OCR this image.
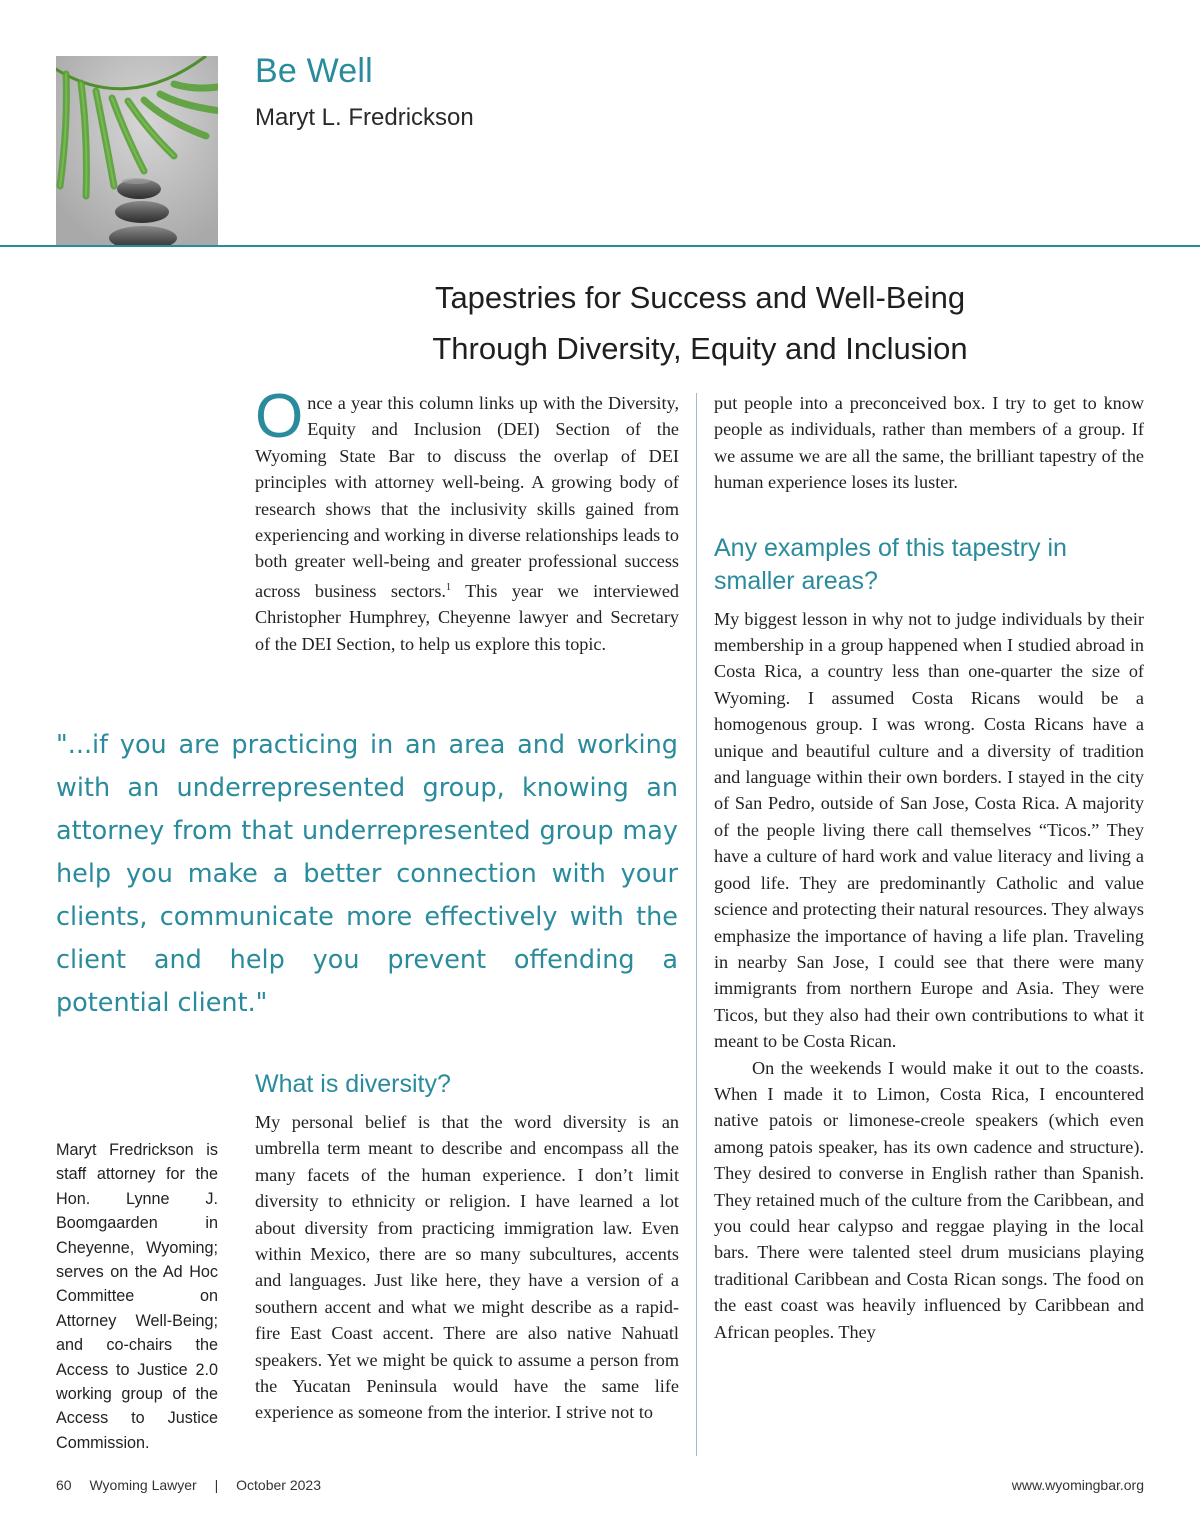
Be Well
Maryt L. Fredrickson
Tapestries for Success and Well-Being
Through Diversity, Equity and Inclusion

Once a year this column links up with the Diversity, Equity and Inclusion (DEI) Section of the Wyoming State Bar to discuss the overlap of DEI principles with attorney well-being. A growing body of research shows that the inclusivity skills gained from experiencing and working in diverse relationships leads to both greater well-being and greater professional success across business sectors.$^1$ This year we interviewed Christopher Humphrey, Cheyenne lawyer and Secretary of the DEI Section, to help us explore this topic.

"...if you are practicing in an area and working with an underrepresented group, knowing an attorney from that underrepresented group may help you make a better connection with your clients, communicate more effectively with the client and help you prevent offending a potential client."

What is diversity?

My personal belief is that the word diversity is an umbrella term meant to describe and encompass all the many facets of the human experience. I don’t limit diversity to ethnicity or religion. I have learned a lot about diversity from practicing immigration law. Even within Mexico, there are so many subcultures, accents and languages. Just like here, they have a version of a southern accent and what we might describe as a rapid-fire East Coast accent. There are also native Nahuatl speakers. Yet we might be quick to assume a person from the Yucatan Peninsula would have the same life experience as someone from the interior. I strive not to

Maryt Fredrickson is staff attorney for the Hon. Lynne J. Boomgaarden in Cheyenne, Wyoming; serves on the Ad Hoc Committee on Attorney Well-Being; and co-chairs the Access to Justice 2.0 working group of the Access to Justice Commission.

put people into a preconceived box. I try to get to know people as individuals, rather than members of a group. If we assume we are all the same, the brilliant tapestry of the human experience loses its luster.

Any examples of this tapestry in smaller areas?

My biggest lesson in why not to judge individuals by their membership in a group happened when I studied abroad in Costa Rica, a country less than one-quarter the size of Wyoming. I assumed Costa Ricans would be a homogenous group. I was wrong. Costa Ricans have a unique and beautiful culture and a diversity of tradition and language within their own borders. I stayed in the city of San Pedro, outside of San Jose, Costa Rica. A majority of the people living there call themselves “Ticos.” They have a culture of hard work and value literacy and living a good life. They are predominantly Catholic and value science and protecting their natural resources. They always emphasize the importance of having a life plan. Traveling in nearby San Jose, I could see that there were many immigrants from northern Europe and Asia. They were Ticos, but they also had their own contributions to what it meant to be Costa Rican.

On the weekends I would make it out to the coasts. When I made it to Limon, Costa Rica, I encountered native patois or limonese-creole speakers (which even among patois speaker, has its own cadence and structure). They desired to converse in English rather than Spanish. They retained much of the culture from the Caribbean, and you could hear calypso and reggae playing in the local bars. There were talented steel drum musicians playing traditional Caribbean and Costa Rican songs. The food on the east coast was heavily influenced by Caribbean and African peoples. They

60 Wyoming Lawyer | October 2023	www.wyomingbar.org
